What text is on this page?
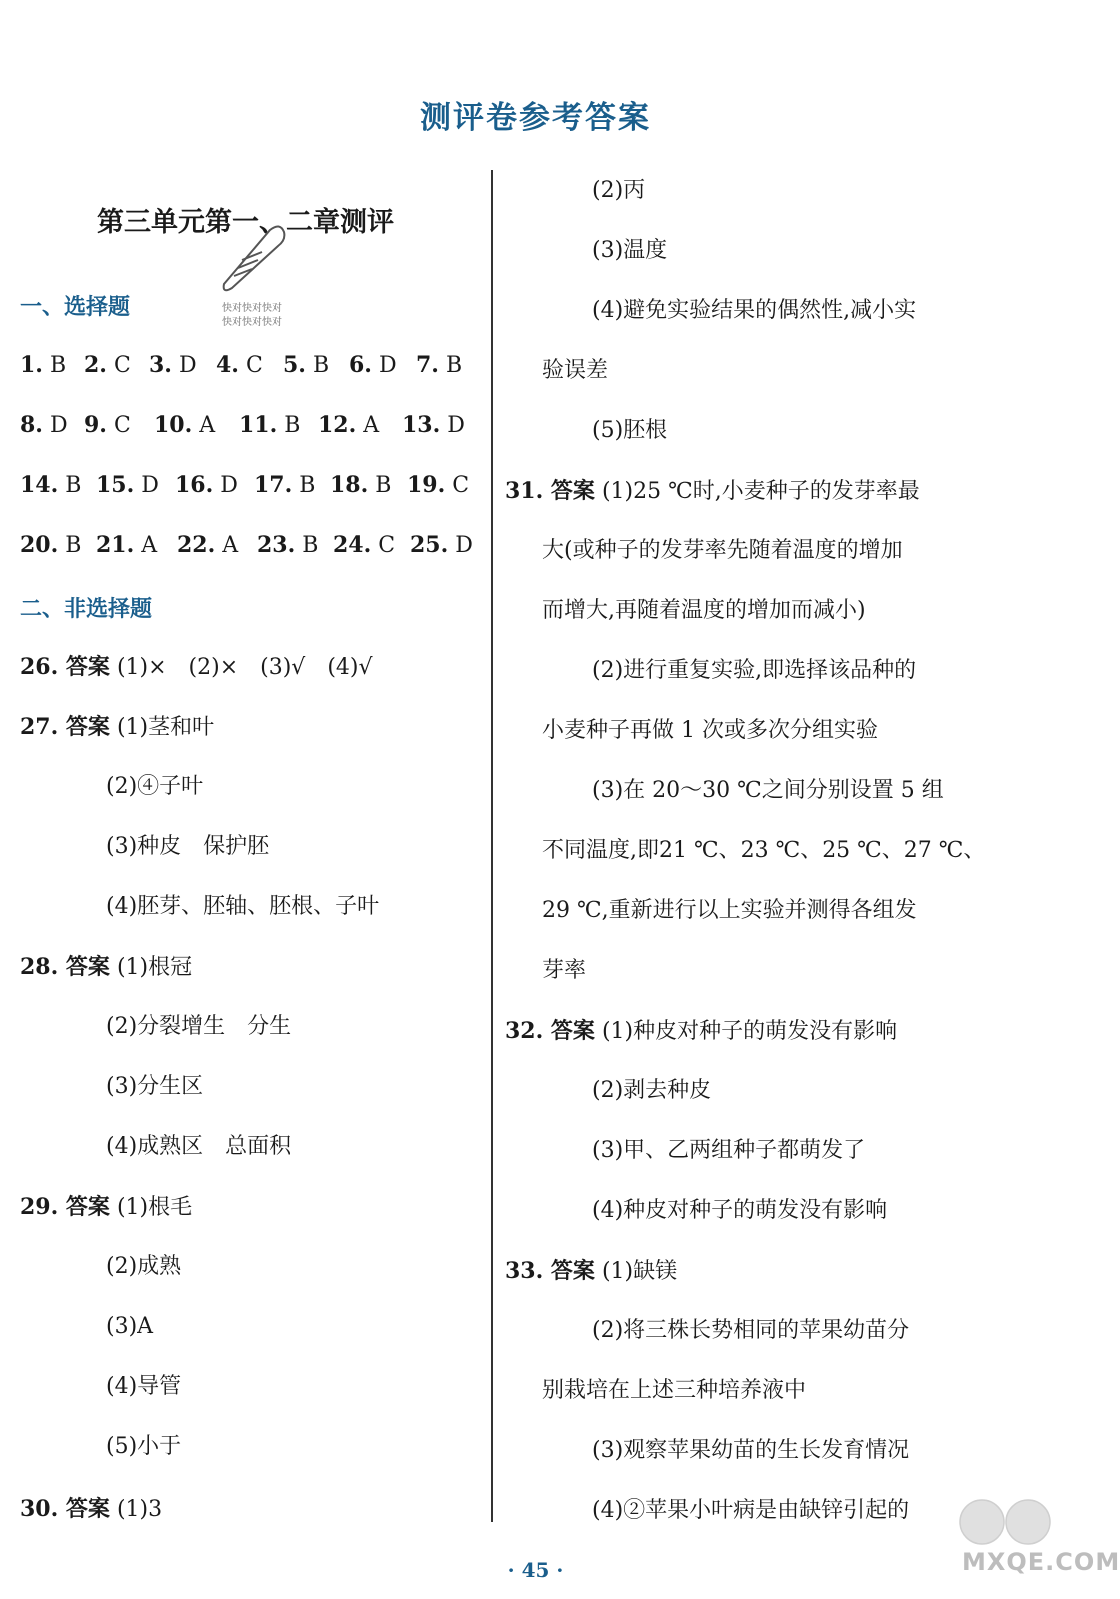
测评卷参考答案
第三单元第一、二章测评
快对快对快对
快对快对快对
一、选择题
1. B 2. C 3. D 4. C 5. B 6. D 7. B
8. D 9. C 10. A 11. B 12. A 13. D
14. B 15. D 16. D 17. B 18. B 19. C
20. B 21. A 22. A 23. B 24. C 25. D
二、非选择题
26. 答案 (1)×　(2)×　(3)√　(4)√
27. 答案 (1)茎和叶
(2)④子叶
(3)种皮　保护胚
(4)胚芽、胚轴、胚根、子叶
28. 答案 (1)根冠
(2)分裂增生　分生
(3)分生区
(4)成熟区　总面积
29. 答案 (1)根毛
(2)成熟
(3)A
(4)导管
(5)小于
30. 答案 (1)3
(2)丙
(3)温度
(4)避免实验结果的偶然性,减小实
验误差
(5)胚根
31. 答案 (1)25 ℃时,小麦种子的发芽率最
大(或种子的发芽率先随着温度的增加
而增大,再随着温度的增加而减小)
(2)进行重复实验,即选择该品种的
小麦种子再做 1 次或多次分组实验
(3)在 20～30 ℃之间分别设置 5 组
不同温度,即21 ℃、23 ℃、25 ℃、27 ℃、
29 ℃,重新进行以上实验并测得各组发
芽率
32. 答案 (1)种皮对种子的萌发没有影响
(2)剥去种皮
(3)甲、乙两组种子都萌发了
(4)种皮对种子的萌发没有影响
33. 答案 (1)缺镁
(2)将三株长势相同的苹果幼苗分
别栽培在上述三种培养液中
(3)观察苹果幼苗的生长发育情况
(4)②苹果小叶病是由缺锌引起的
MXQE.COM
· 45 ·
